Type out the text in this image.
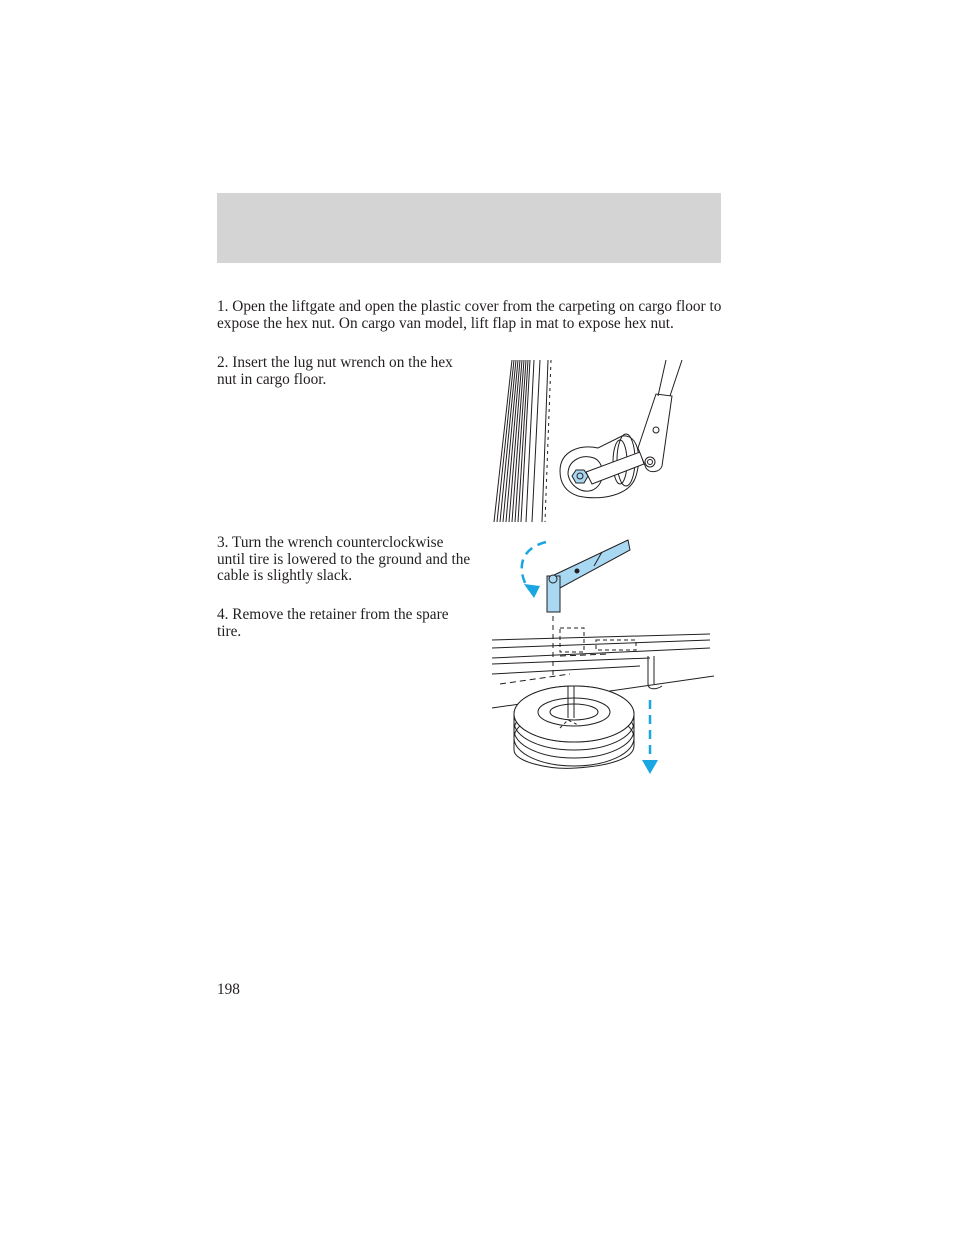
1. Open the liftgate and open the plastic cover from the carpeting on cargo floor to expose the hex nut. On cargo van model, lift flap in mat to expose hex nut.

2. Insert the lug nut wrench on the hex nut in cargo floor.

3. Turn the wrench counterclockwise until tire is lowered to the ground and the cable is slightly slack.

4. Remove the retainer from the spare tire.

198
